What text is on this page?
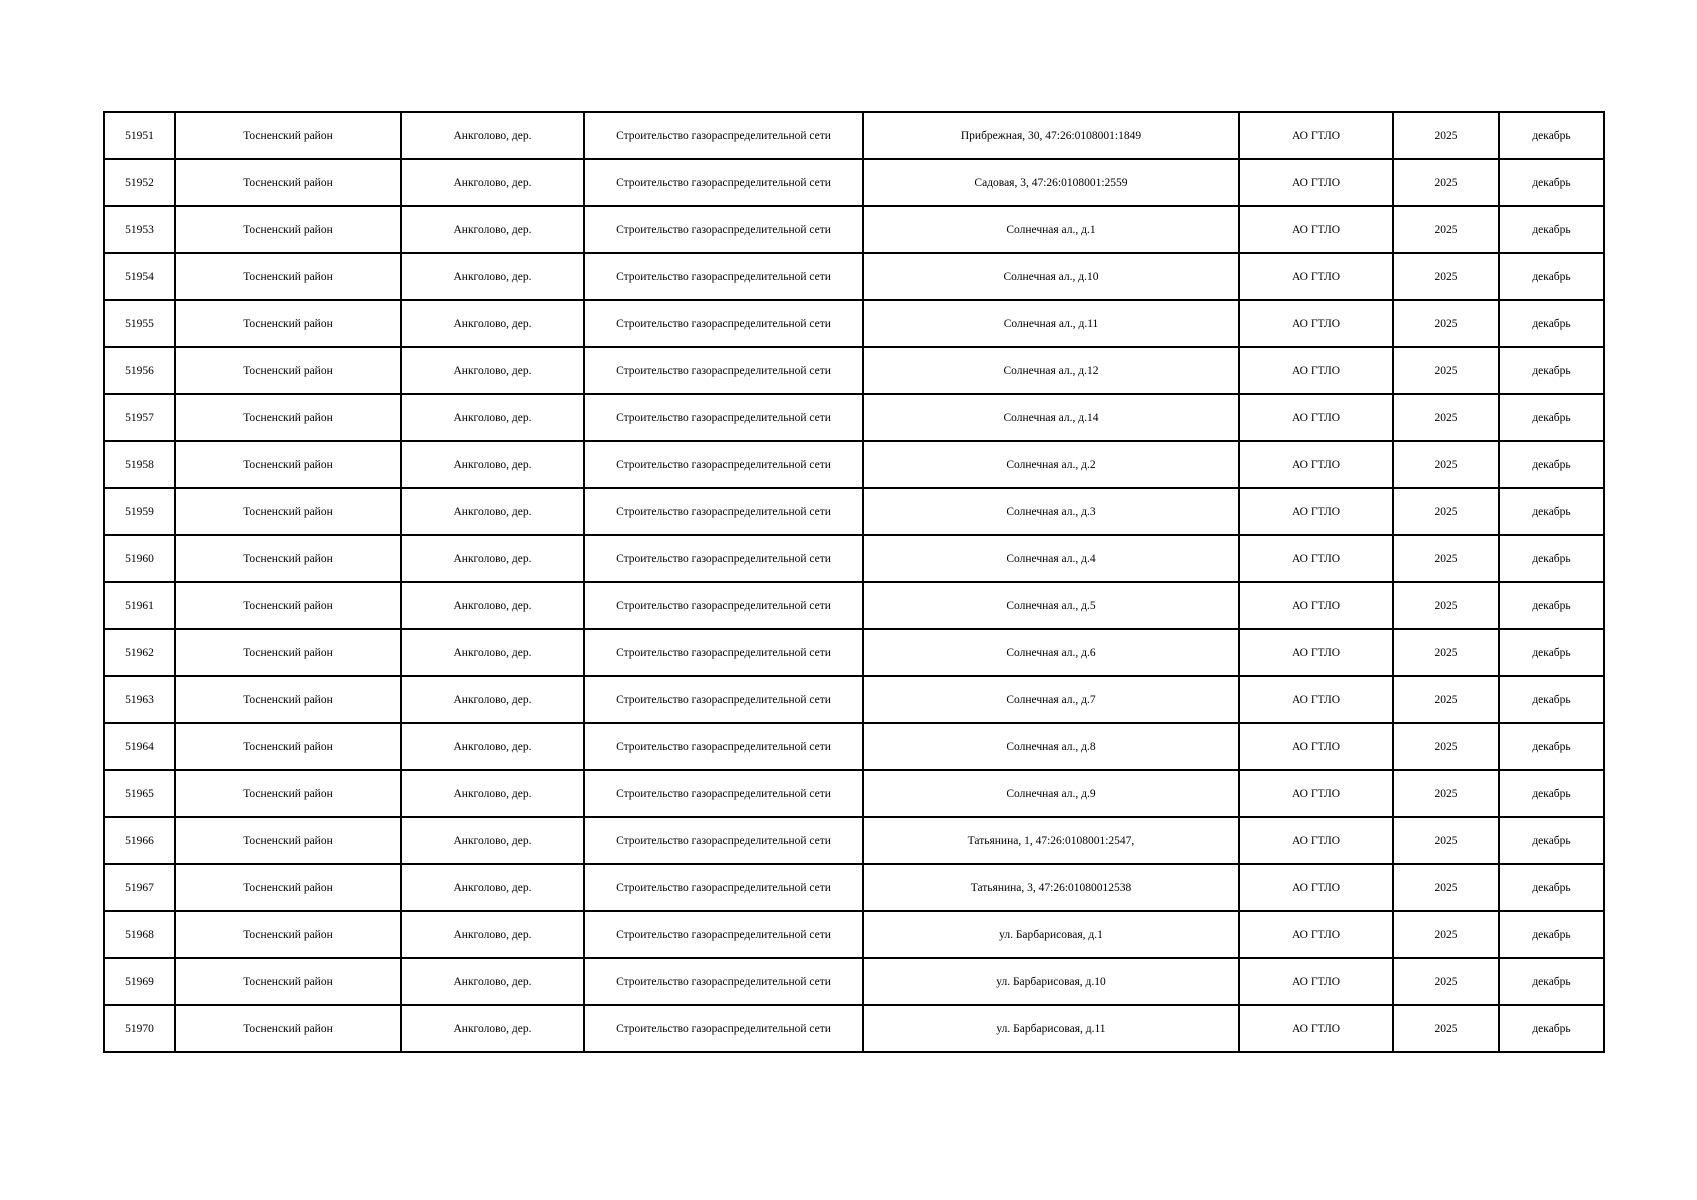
51951	Тосненский район	Анкголово, дер.	Строительство газораспределительной сети	Прибрежная, 30, 47:26:0108001:1849	АО ГТЛО	2025	декабрь
51952	Тосненский район	Анкголово, дер.	Строительство газораспределительной сети	Садовая, 3, 47:26:0108001:2559	АО ГТЛО	2025	декабрь
51953	Тосненский район	Анкголово, дер.	Строительство газораспределительной сети	Солнечная ал., д.1	АО ГТЛО	2025	декабрь
51954	Тосненский район	Анкголово, дер.	Строительство газораспределительной сети	Солнечная ал., д.10	АО ГТЛО	2025	декабрь
51955	Тосненский район	Анкголово, дер.	Строительство газораспределительной сети	Солнечная ал., д.11	АО ГТЛО	2025	декабрь
51956	Тосненский район	Анкголово, дер.	Строительство газораспределительной сети	Солнечная ал., д.12	АО ГТЛО	2025	декабрь
51957	Тосненский район	Анкголово, дер.	Строительство газораспределительной сети	Солнечная ал., д.14	АО ГТЛО	2025	декабрь
51958	Тосненский район	Анкголово, дер.	Строительство газораспределительной сети	Солнечная ал., д.2	АО ГТЛО	2025	декабрь
51959	Тосненский район	Анкголово, дер.	Строительство газораспределительной сети	Солнечная ал., д.3	АО ГТЛО	2025	декабрь
51960	Тосненский район	Анкголово, дер.	Строительство газораспределительной сети	Солнечная ал., д.4	АО ГТЛО	2025	декабрь
51961	Тосненский район	Анкголово, дер.	Строительство газораспределительной сети	Солнечная ал., д.5	АО ГТЛО	2025	декабрь
51962	Тосненский район	Анкголово, дер.	Строительство газораспределительной сети	Солнечная ал., д.6	АО ГТЛО	2025	декабрь
51963	Тосненский район	Анкголово, дер.	Строительство газораспределительной сети	Солнечная ал., д.7	АО ГТЛО	2025	декабрь
51964	Тосненский район	Анкголово, дер.	Строительство газораспределительной сети	Солнечная ал., д.8	АО ГТЛО	2025	декабрь
51965	Тосненский район	Анкголово, дер.	Строительство газораспределительной сети	Солнечная ал., д.9	АО ГТЛО	2025	декабрь
51966	Тосненский район	Анкголово, дер.	Строительство газораспределительной сети	Татьянина, 1, 47:26:0108001:2547,	АО ГТЛО	2025	декабрь
51967	Тосненский район	Анкголово, дер.	Строительство газораспределительной сети	Татьянина, 3, 47:26:01080012538	АО ГТЛО	2025	декабрь
51968	Тосненский район	Анкголово, дер.	Строительство газораспределительной сети	ул. Барбарисовая, д.1	АО ГТЛО	2025	декабрь
51969	Тосненский район	Анкголово, дер.	Строительство газораспределительной сети	ул. Барбарисовая, д.10	АО ГТЛО	2025	декабрь
51970	Тосненский район	Анкголово, дер.	Строительство газораспределительной сети	ул. Барбарисовая, д.11	АО ГТЛО	2025	декабрь
